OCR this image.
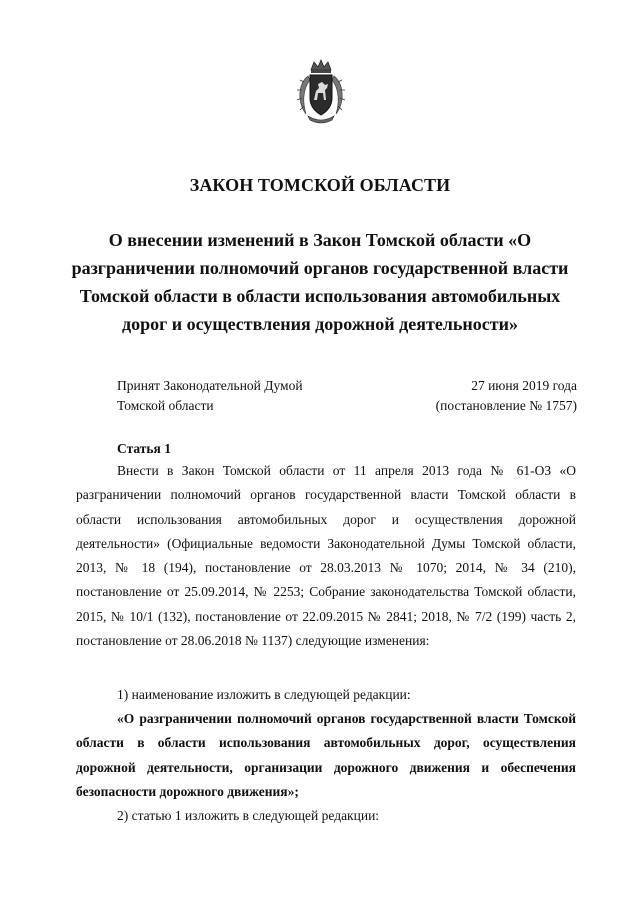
ЗАКОН ТОМСКОЙ ОБЛАСТИ
О внесении изменений в Закон Томской области «О разграничении полномочий органов государственной власти Томской области в области использования автомобильных дорог и осуществления дорожной деятельности»
Принят Законодательной Думой
Томской области
27 июня 2019 года
(постановление № 1757)
Статья 1

Внести в Закон Томской области от 11 апреля 2013 года № 61-ОЗ «О разграничении полномочий органов государственной власти Томской области в области использования автомобильных дорог и осуществления дорожной деятельности» (Официальные ведомости Законодательной Думы Томской области, 2013, № 18 (194), постановление от 28.03.2013 № 1070; 2014, № 34 (210), постановление от 25.09.2014, № 2253; Собрание законодательства Томской области, 2015, № 10/1 (132), постановление от 22.09.2015 № 2841; 2018, № 7/2 (199) часть 2, постановление от 28.06.2018 № 1137) следующие изменения:

1) наименование изложить в следующей редакции:

«О разграничении полномочий органов государственной власти Томской области в области использования автомобильных дорог, осуществления дорожной деятельности, организации дорожного движения и обеспечения безопасности дорожного движения»;

2) статью 1 изложить в следующей редакции:
